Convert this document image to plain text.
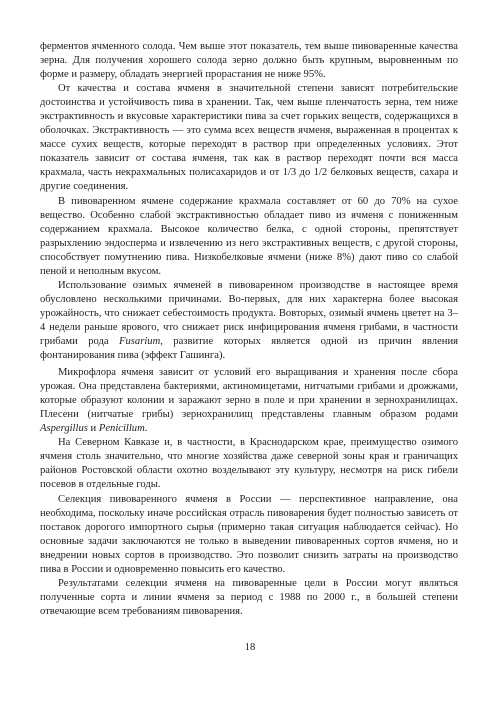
ферментов ячменного солода. Чем выше этот показатель, тем выше пивоваренные качества зерна. Для получения хорошего солода зерно должно быть крупным, выровненным по форме и размеру, обладать энергией прорастания не ниже 95%.

От качества и состава ячменя в значительной степени зависят потребительские достоинства и устойчивость пива в хранении. Так, чем выше пленчатость зерна, тем ниже экстрактивность и вкусовые характеристики пива за счет горьких веществ, содержащихся в оболочках. Экстрактивность — это сумма всех веществ ячменя, выраженная в процентах к массе сухих веществ, которые переходят в раствор при определенных условиях. Этот показатель зависит от состава ячменя, так как в раствор переходят почти вся масса крахмала, часть некрахмальных полисахаридов и от 1/3 до 1/2 белковых веществ, сахара и другие соединения.

В пивоваренном ячмене содержание крахмала составляет от 60 до 70% на сухое вещество. Особенно слабой экстрактивностью обладает пиво из ячменя с пониженным содержанием крахмала. Высокое количество белка, с одной стороны, препятствует разрыхлению эндосперма и извлечению из него экстрактивных веществ, с другой стороны, способствует помутнению пива. Низкобелковые ячмени (ниже 8%) дают пиво со слабой пеной и неполным вкусом.

Использование озимых ячменей в пивоваренном производстве в настоящее время обусловлено несколькими причинами. Во-первых, для них характерна более высокая урожайность, что снижает себестоимость продукта. Вовторых, озимый ячмень цветет на 3–4 недели раньше ярового, что снижает риск инфицирования ячменя грибами, в частности грибами рода Fusarium, развитие которых является одной из причин явления фонтанирования пива (эффект Гашинга).

Микрофлора ячменя зависит от условий его выращивания и хранения после сбора урожая. Она представлена бактериями, актиномицетами, нитчатыми грибами и дрожжами, которые образуют колонии и заражают зерно в поле и при хранении в зернохранилищах. Плесени (нитчатые грибы) зернохранилищ представлены главным образом родами Aspergillus и Penicillum.

На Северном Кавказе и, в частности, в Краснодарском крае, преимущество озимого ячменя столь значительно, что многие хозяйства даже северной зоны края и граничащих районов Ростовской области охотно возделывают эту культуру, несмотря на риск гибели посевов в отдельные годы.

Селекция пивоваренного ячменя в России — перспективное направление, она необходима, поскольку иначе российская отрасль пивоварения будет полностью зависеть от поставок дорогого импортного сырья (примерно такая ситуация наблюдается сейчас). Но основные задачи заключаются не только в выведении пивоваренных сортов ячменя, но и внедрении новых сортов в производство. Это позволит снизить затраты на производство пива в России и одновременно повысить его качество.

Результатами селекции ячменя на пивоваренные цели в России могут являться полученные сорта и линии ячменя за период с 1988 по 2000 г., в большей степени отвечающие всем требованиям пивоварения.

18
